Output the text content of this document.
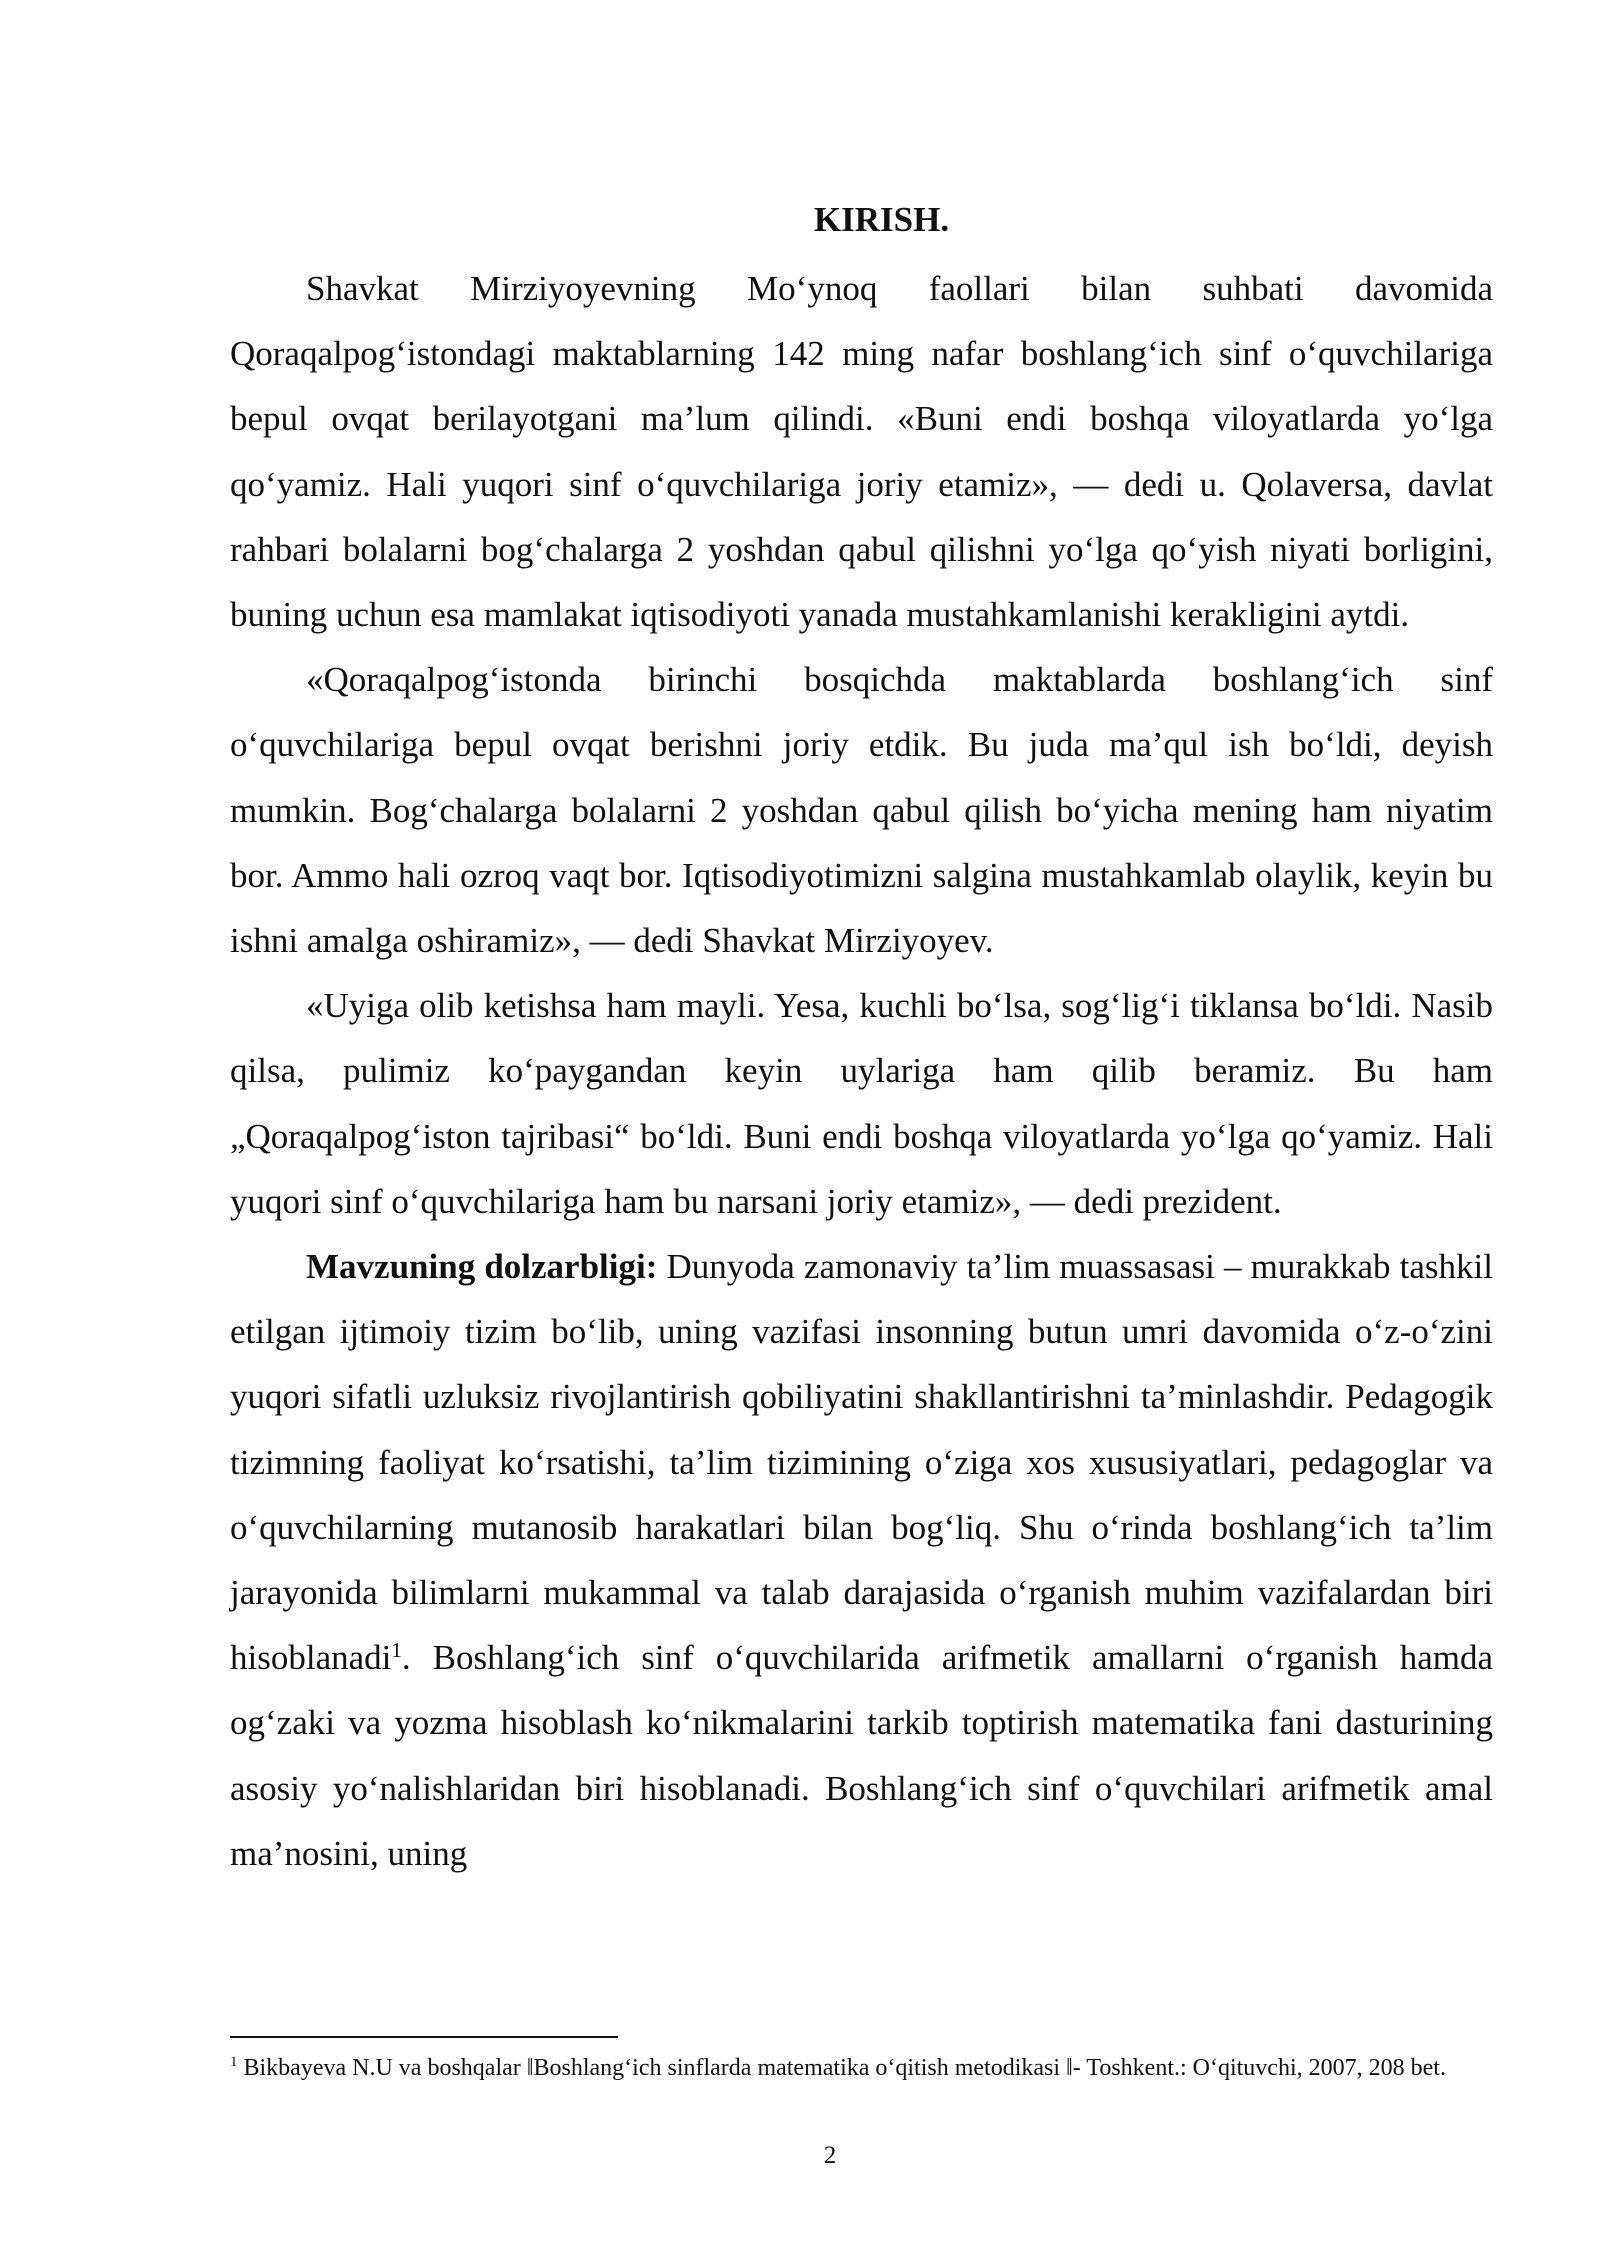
KIRISH.

Shavkat Mirziyoyevning Mo‘ynoq faollari bilan suhbati davomida Qoraqalpog‘istondagi maktablarning 142 ming nafar boshlang‘ich sinf o‘quvchilariga bepul ovqat berilayotgani ma’lum qilindi. «Buni endi boshqa viloyatlarda yo‘lga qo‘yamiz. Hali yuqori sinf o‘quvchilariga joriy etamiz», — dedi u. Qolaversa, davlat rahbari bolalarni bog‘chalarga 2 yoshdan qabul qilishni yo‘lga qo‘yish niyati borligini, buning uchun esa mamlakat iqtisodiyoti yanada mustahkamlanishi kerakligini aytdi.

«Qoraqalpog‘istonda birinchi bosqichda maktablarda boshlang‘ich sinf o‘quvchilariga bepul ovqat berishni joriy etdik. Bu juda ma’qul ish bo‘ldi, deyish mumkin. Bog‘chalarga bolalarni 2 yoshdan qabul qilish bo‘yicha mening ham niyatim bor. Ammo hali ozroq vaqt bor. Iqtisodiyotimizni salgina mustahkamlab olaylik, keyin bu ishni amalga oshiramiz», — dedi Shavkat Mirziyoyev.

«Uyiga olib ketishsa ham mayli. Yesa, kuchli bo‘lsa, sog‘lig‘i tiklansa bo‘ldi. Nasib qilsa, pulimiz ko‘paygandan keyin uylariga ham qilib beramiz. Bu ham „Qoraqalpog‘iston tajribasi“ bo‘ldi. Buni endi boshqa viloyatlarda yo‘lga qo‘yamiz. Hali yuqori sinf o‘quvchilariga ham bu narsani joriy etamiz», — dedi prezident.

Mavzuning dolzarbligi: Dunyoda zamonaviy ta’lim muassasasi – murakkab tashkil etilgan ijtimoiy tizim bo‘lib, uning vazifasi insonning butun umri davomida o‘z-o‘zini yuqori sifatli uzluksiz rivojlantirish qobiliyatini shakllantirishni ta’minlashdir. Pedagogik tizimning faoliyat ko‘rsatishi, ta’lim tizimining o‘ziga xos xususiyatlari, pedagoglar va o‘quvchilarning mutanosib harakatlari bilan bog‘liq. Shu o‘rinda boshlang‘ich ta’lim jarayonida bilimlarni mukammal va talab darajasida o‘rganish muhim vazifalardan biri hisoblanadi$^1$. Boshlang‘ich sinf o‘quvchilarida arifmetik amallarni o‘rganish hamda og‘zaki va yozma hisoblash ko‘nikmalarini tarkib toptirish matematika fani dasturining asosiy yo‘nalishlaridan biri hisoblanadi. Boshlang‘ich sinf o‘quvchilari arifmetik amal ma’nosini, uning

$^1$ Bikbayeva N.U va boshqalar ‖Boshlang‘ich sinflarda matematika o‘qitish metodikasi ‖- Toshkent.: O‘qituvchi, 2007, 208 bet.
2
